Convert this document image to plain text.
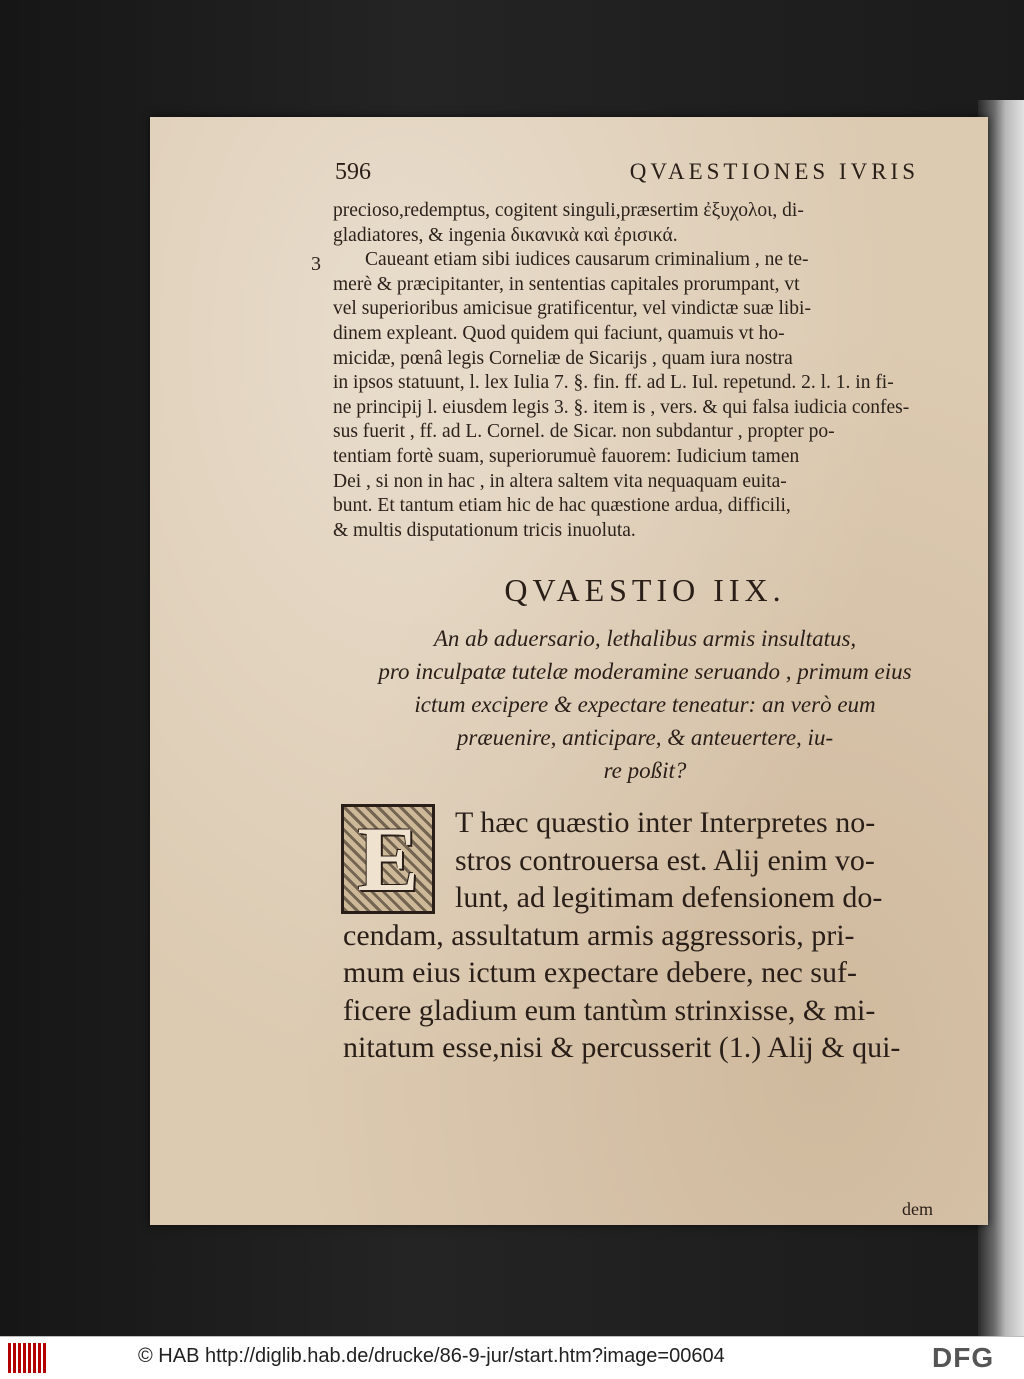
596	QVAESTIONES IVRIS
precioso,redemptus, cogitent singuli,præsertim ἐξυχολοι, di-
gladiatores, & ingenia δικανικὰ καὶ ἐρισικά.
Caueant etiam sibi iudices causarum criminalium , ne te-
merè & præcipitanter, in sententias capitales prorumpant, vt
vel superioribus amicisue gratificentur, vel vindictæ suæ libi-
dinem expleant. Quod quidem qui faciunt, quamuis vt ho-
micidæ, pœnâ legis Corneliæ de Sicarijs , quam iura nostra
in ipsos statuunt, l. lex Iulia 7. §. fin. ff. ad L. Iul. repetund. 2. l. 1. in fi-
ne principij l. eiusdem legis 3. §. item is , vers. & qui falsa iudicia confes-
sus fuerit , ff. ad L. Cornel. de Sicar. non subdantur , propter po-
tentiam fortè suam, superiorumuè fauorem: Iudicium tamen
Dei , si non in hac , in altera saltem vita nequaquam euita-
bunt. Et tantum etiam hic de hac quæstione ardua, difficili,
& multis disputationum tricis inuoluta.
3
QVAESTIO IIX.
An ab aduersario, lethalibus armis insultatus,
pro inculpatæ tutelæ moderamine seruando , primum eius
ictum excipere & expectare teneatur: an verò eum
præuenire, anticipare, & anteuertere, iu-
re poßit?
E	T hæc quæstio inter Interpretes no-
stros controuersa est. Alij enim vo-
lunt, ad legitimam defensionem do-
cendam, assultatum armis aggressoris, pri-
mum eius ictum expectare debere, nec suf-
ficere gladium eum tantùm strinxisse, & mi-
nitatum esse,nisi & percusserit (1.) Alij & qui-
dem
© HAB http://diglib.hab.de/drucke/86-9-jur/start.htm?image=00604	DFG
